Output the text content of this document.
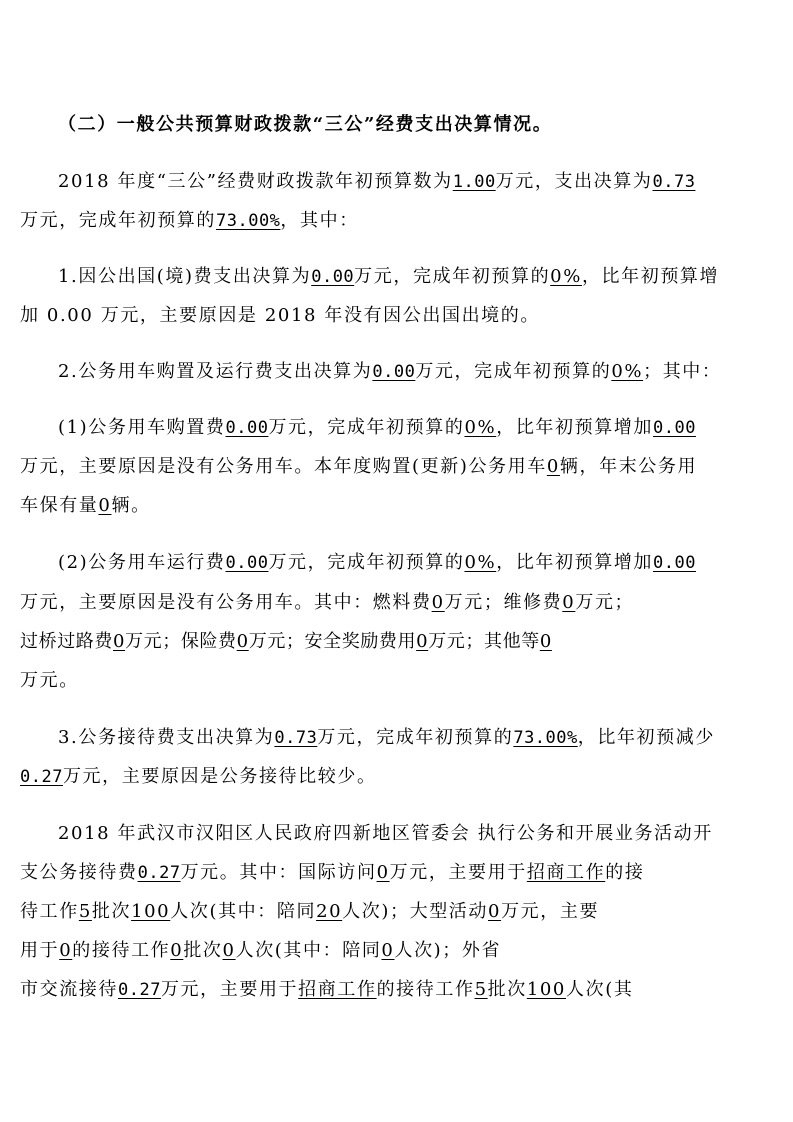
（二）一般公共预算财政拨款“三公”经费支出决算情况。
2018 年度“三公”经费财政拨款年初预算数为1.00万元，支出决算为0.73
万元，完成年初预算的73.00%，其中：
1.因公出国(境)费支出决算为0.00万元，完成年初预算的0%，比年初预算增
加 0.00 万元，主要原因是 2018 年没有因公出国出境的。
2.公务用车购置及运行费支出决算为0.00万元，完成年初预算的0%；其中：
(1)公务用车购置费0.00万元，完成年初预算的0%，比年初预算增加0.00
万元，主要原因是没有公务用车。本年度购置(更新)公务用车0辆，年末公务用
车保有量0辆。
(2)公务用车运行费0.00万元，完成年初预算的0%，比年初预算增加0.00
万元，主要原因是没有公务用车。其中：燃料费0万元；维修费0万元；
过桥过路费0万元；保险费0万元；安全奖励费用0万元；其他等0
万元。
3.公务接待费支出决算为0.73万元，完成年初预算的73.00%，比年初预减少
0.27万元，主要原因是公务接待比较少。
2018 年武汉市汉阳区人民政府四新地区管委会 执行公务和开展业务活动开
支公务接待费0.27万元。其中：国际访问0万元，主要用于招商工作的接
待工作5批次100人次(其中：陪同20人次)；大型活动0万元，主要
用于0的接待工作0批次0人次(其中：陪同0人次)；外省
市交流接待0.27万元，主要用于招商工作的接待工作5批次100人次(其
